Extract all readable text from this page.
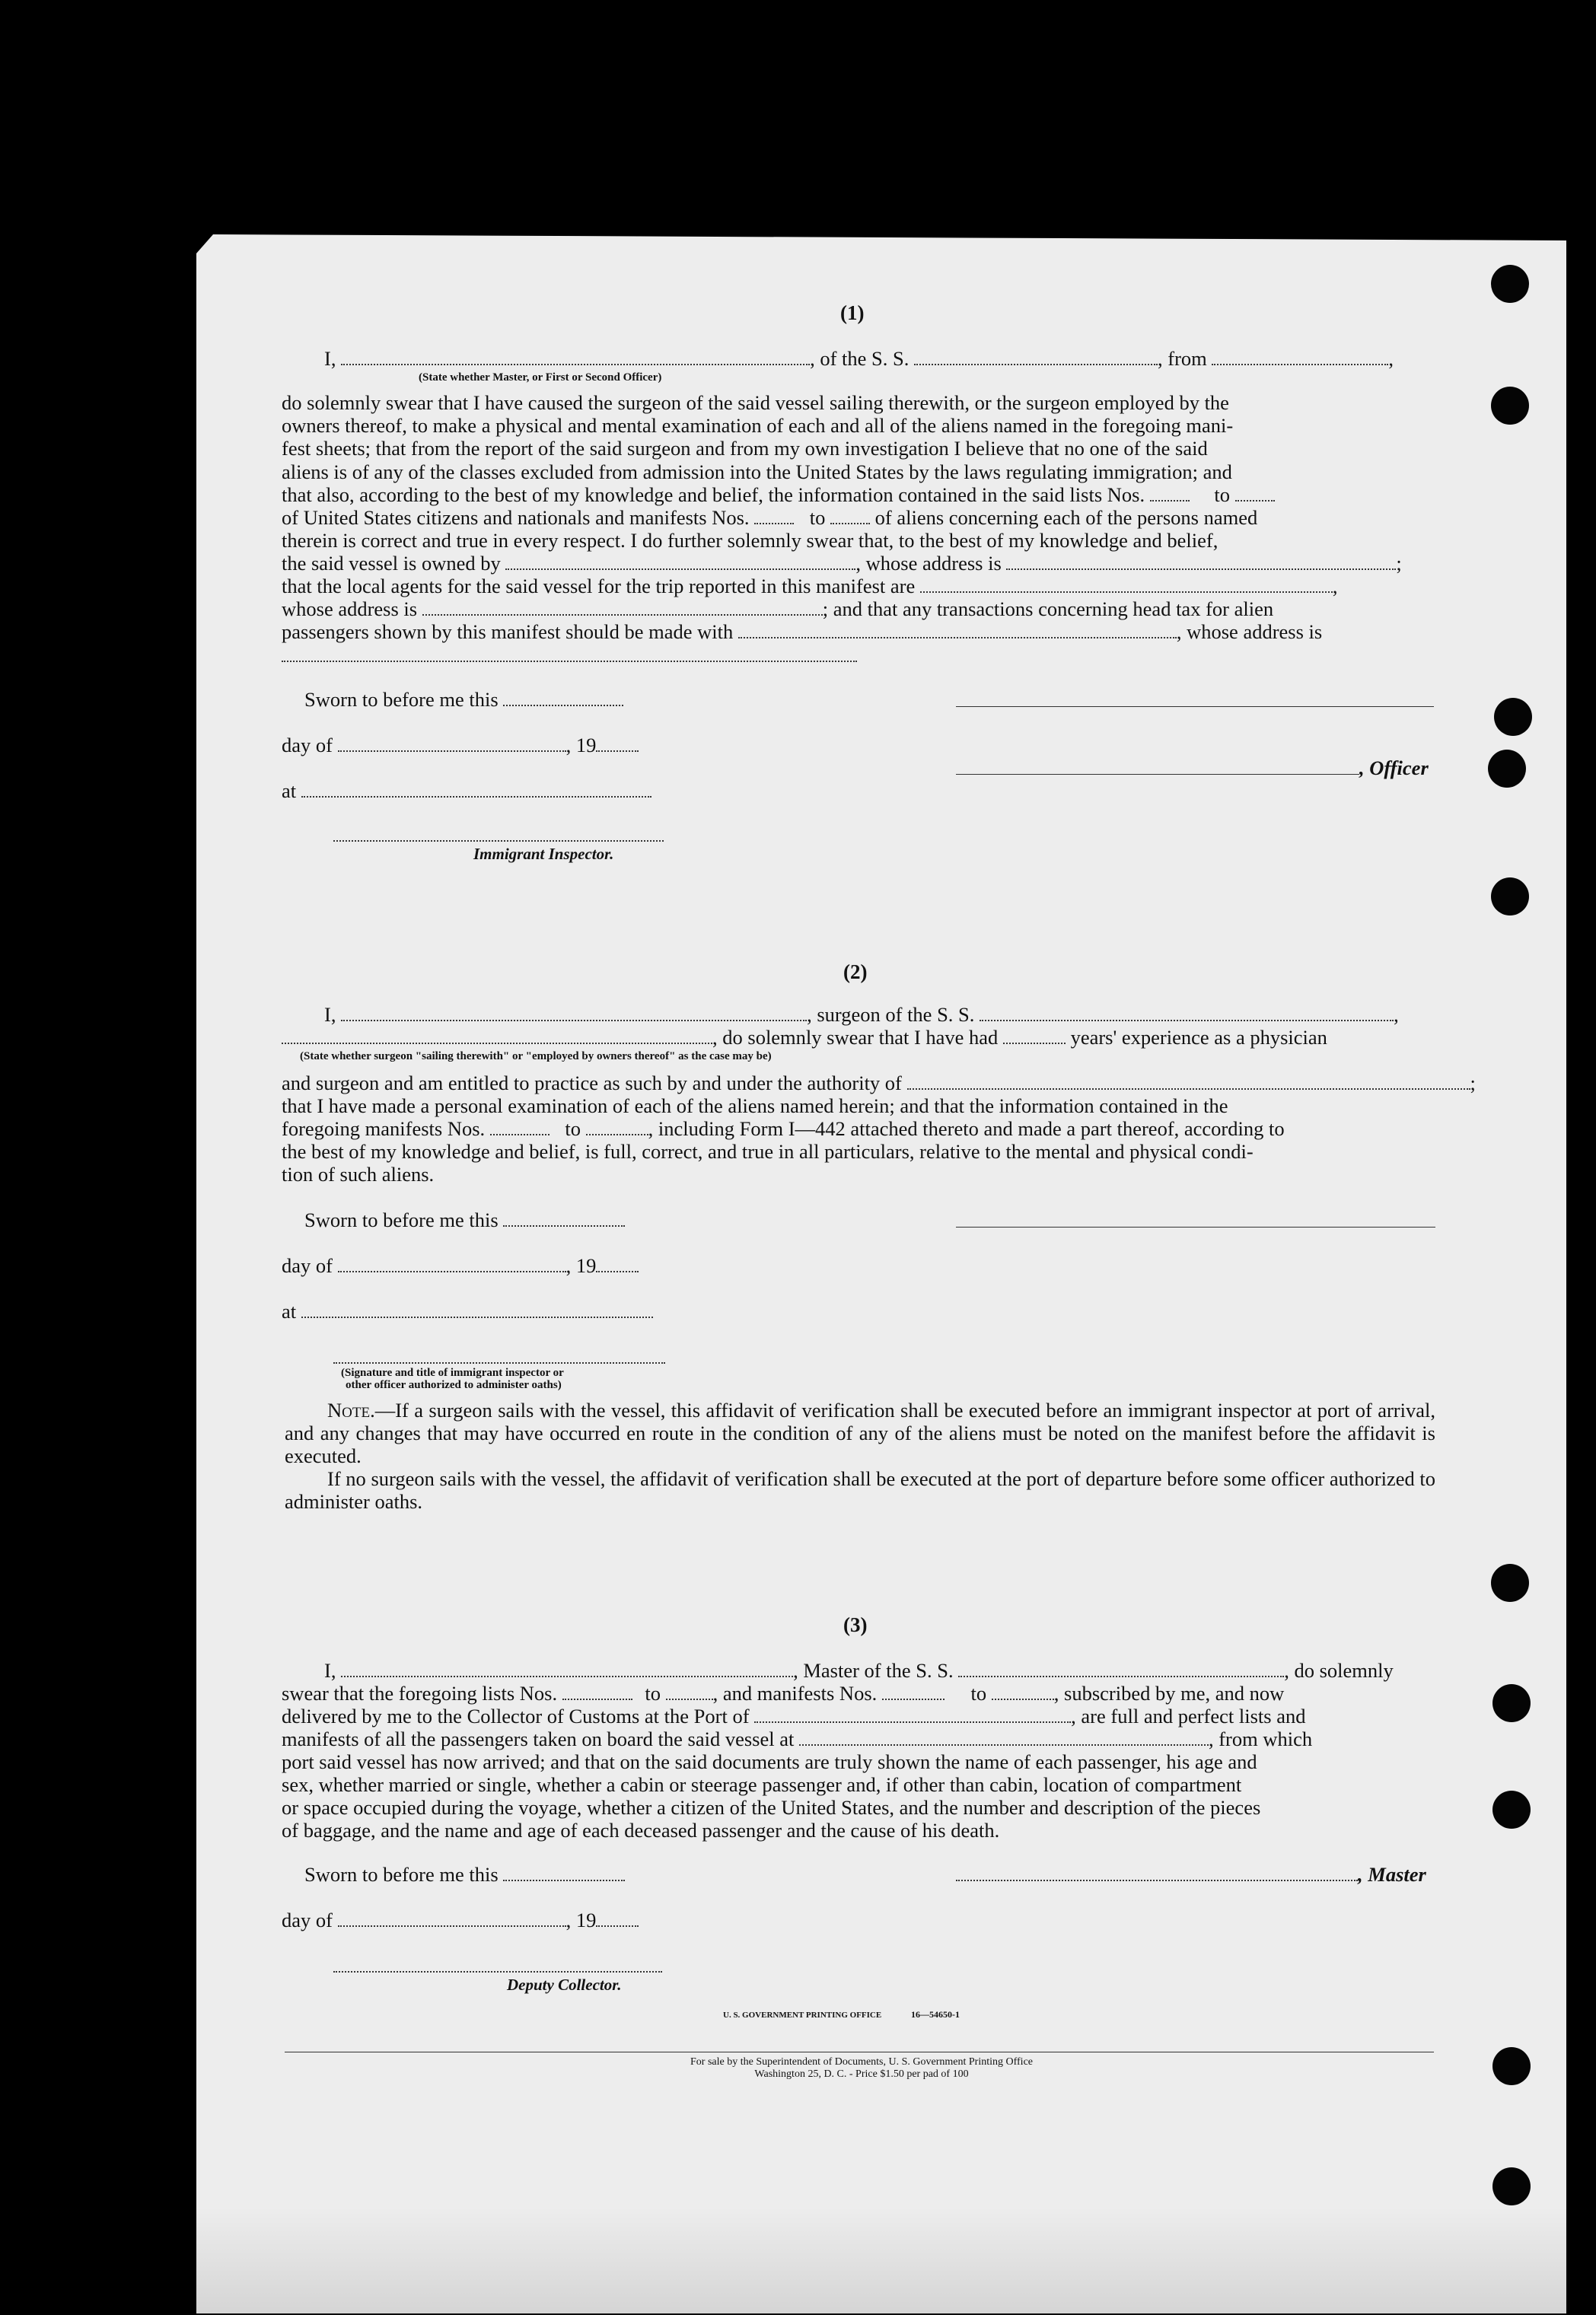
(1)
I,	, of the S. S.	, from	,
(State whether Master, or First or Second Officer)

do solemnly swear that I have caused the surgeon of the said vessel sailing therewith, or the surgeon employed by the
owners thereof, to make a physical and mental examination of each and all of the aliens named in the foregoing mani-
fest sheets; that from the report of the said surgeon and from my own investigation I believe that no one of the said
aliens is of any of the classes excluded from admission into the United States by the laws regulating immigration; and

that also, according to the best of my knowledge and belief, the information contained in the said lists Nos.	to
of United States citizens and nationals and manifests Nos.	to of aliens concerning each of the persons named
therein is correct and true in every respect. I do further solemnly swear that, to the best of my knowledge and belief,
the said vessel is owned by	, whose address is	;
that the local agents for the said vessel for the trip reported in this manifest are	,
whose address is	; and that any transactions concerning head tax for alien
passengers shown by this manifest should be made with	, whose address is
Sworn to before me this
day of	, 19
, Officer
at
Immigrant Inspector.
(2)
I,	, surgeon of the S. S.	,
, do solemnly swear that I have had	years' experience as a physician
(State whether surgeon "sailing therewith" or "employed by owners thereof" as the case may be)
and surgeon and am entitled to practice as such by and under the authority of	;
that I have made a personal examination of each of the aliens named herein; and that the information contained in the
foregoing manifests Nos.	to	, including Form I—442 attached thereto and made a part thereof, according to
the best of my knowledge and belief, is full, correct, and true in all particulars, relative to the mental and physical condi-
tion of such aliens.
Sworn to before me this
day of	, 19
at
(Signature and title of immigrant inspector or
other officer authorized to administer oaths)

Note.—If a surgeon sails with the vessel, this affidavit of verification shall be executed before an immigrant inspector at port of arrival, and any changes that may have occurred en route in the condition of any of the aliens must be noted on the manifest before the affidavit is executed.

If no surgeon sails with the vessel, the affidavit of verification shall be executed at the port of departure before some officer authorized to administer oaths.

(3)
I,	, Master of the S. S.	, do solemnly
swear that the foregoing lists Nos.	to	, and manifests Nos.	to	, subscribed by me, and now
delivered by me to the Collector of Customs at the Port of	, are full and perfect lists and
manifests of all the passengers taken on board the said vessel at	, from which
port said vessel has now arrived; and that on the said documents are truly shown the name of each passenger, his age and
sex, whether married or single, whether a cabin or steerage passenger and, if other than cabin, location of compartment
or space occupied during the voyage, whether a citizen of the United States, and the number and description of the pieces
of baggage, and the name and age of each deceased passenger and the cause of his death.
Sworn to before me this	, Master
day of	, 19
Deputy Collector.
U. S. GOVERNMENT PRINTING OFFICE	16—54650-1
For sale by the Superintendent of Documents, U. S. Government Printing Office
Washington 25, D. C. - Price $1.50 per pad of 100
